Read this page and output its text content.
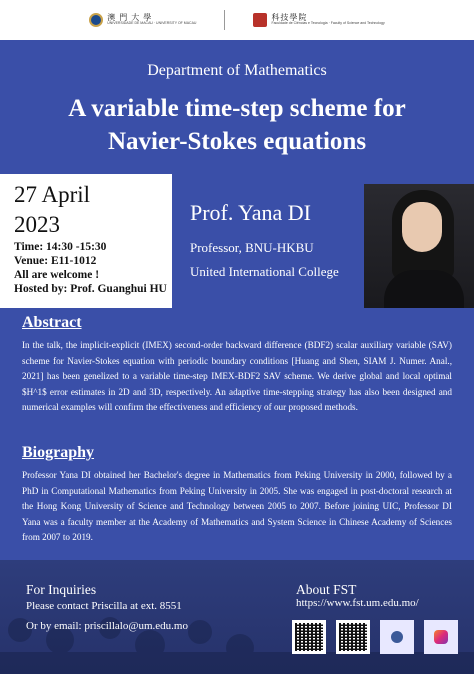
澳 門 大 學
UNIVERSIDADE DE MACAU · UNIVERSITY OF MACAU
科技學院
Faculdade de Ciências e Tecnologia · Faculty of Science and Technology
Department of Mathematics
A variable time-step scheme for
Navier-Stokes equations
27 April
2023
Time: 14:30 -15:30
Venue: E11-1012
All are welcome !
Hosted by: Prof. Guanghui HU
Prof. Yana DI
Professor, BNU-HKBU
United International College
Abstract
In the talk, the implicit-explicit (IMEX) second-order backward difference (BDF2) scalar auxiliary variable (SAV) scheme for Navier-Stokes equation with periodic boundary conditions [Huang and Shen, SIAM J. Numer. Anal., 2021] has been genelized to a variable time-step IMEX-BDF2 SAV scheme. We derive global and local optimal $H^1$ error estimates in 2D and 3D, respectively. An adaptive time-stepping strategy has also been designed and numerical examples will confirm the effectiveness and efficiency of our proposed methods.
Biography
Professor Yana DI obtained her Bachelor's degree in Mathematics from Peking University in 2000, followed by a PhD in Computational Mathematics from Peking University in 2005. She was engaged in post-doctoral research at the Hong Kong University of Science and Technology between 2005 to 2007. Before joining UIC, Professor DI Yana was a faculty member at the Academy of Mathematics and System Science in Chinese Academy of Sciences from 2007 to 2019.
For Inquiries
Please contact Priscilla at ext. 8551
Or by email: priscillalo@um.edu.mo
About FST
https://www.fst.um.edu.mo/
